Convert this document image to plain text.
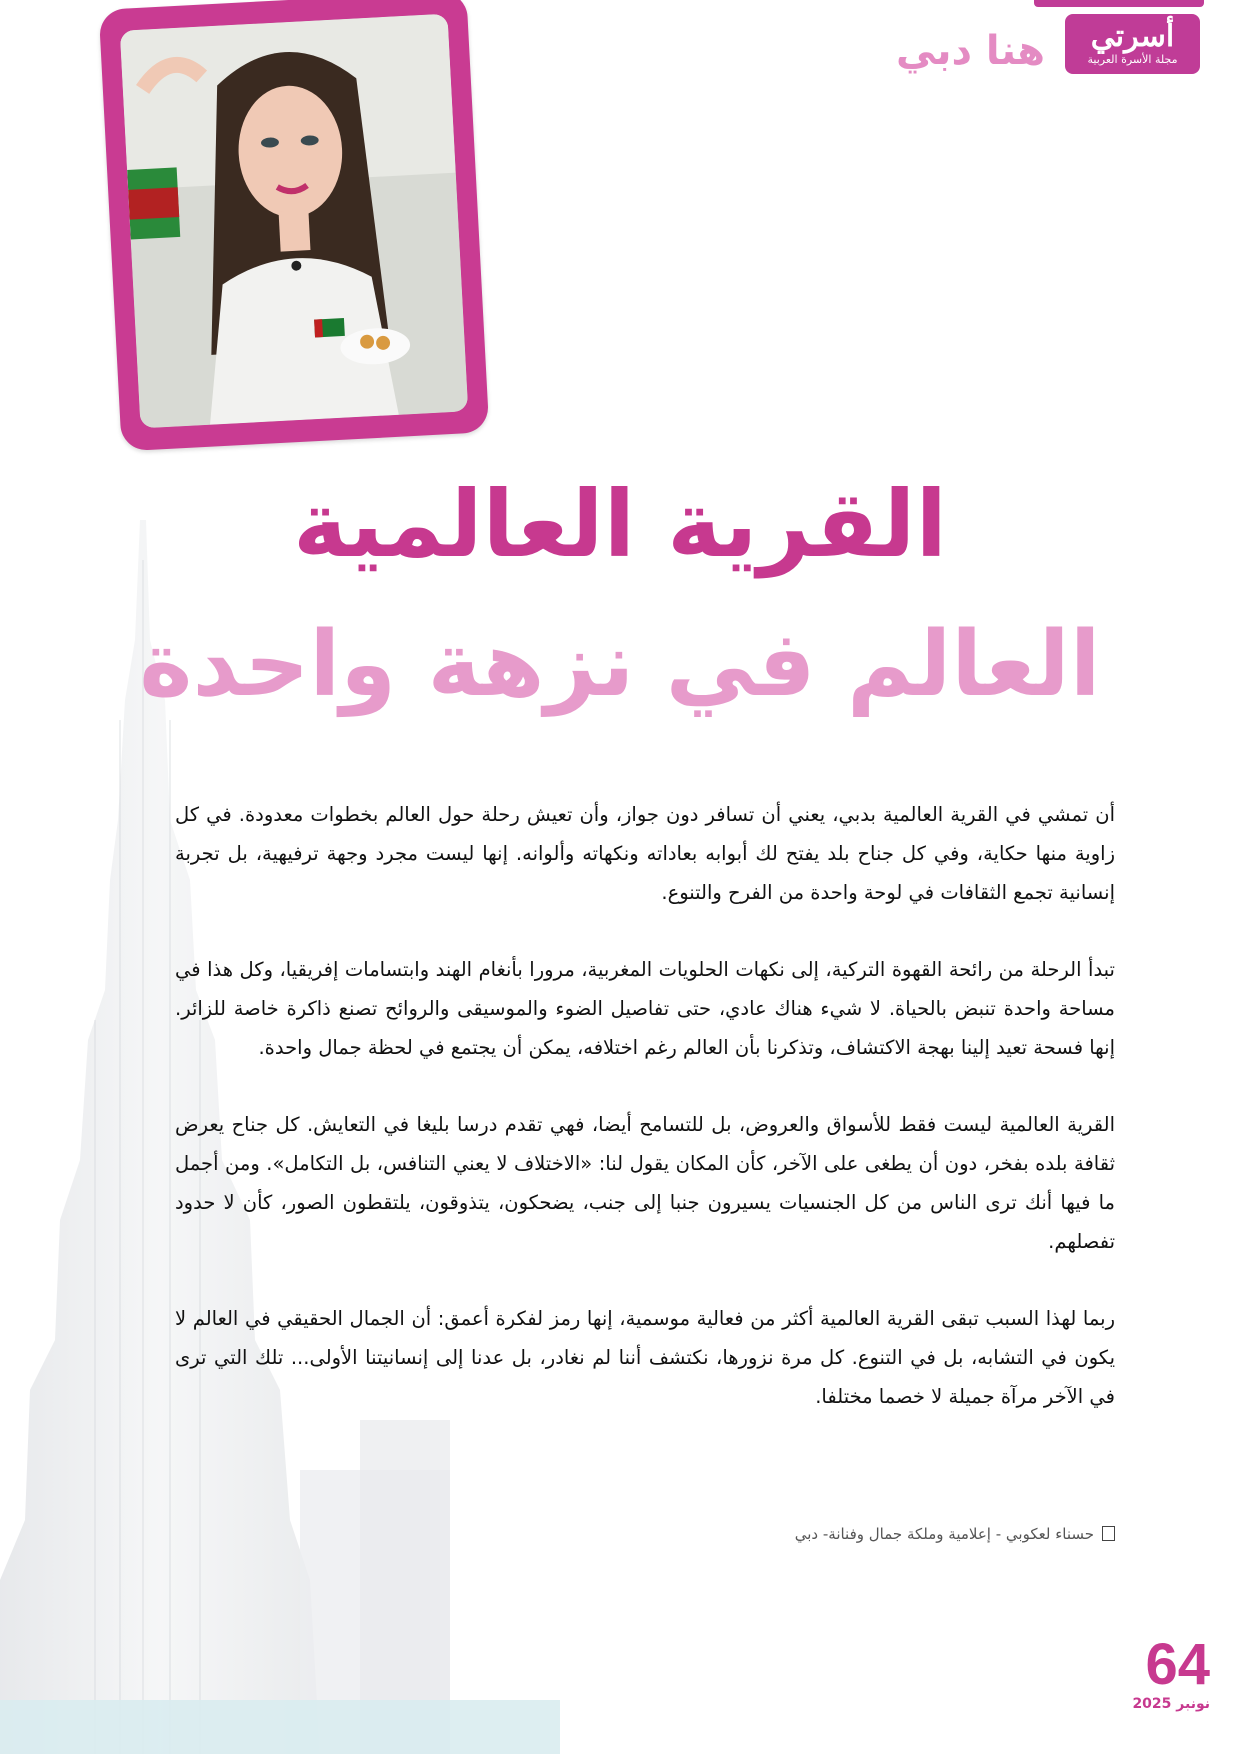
أسرتي
مجلة الأسرة العربية
هنا دبي
القرية العالمية
العالم في نزهة واحدة

أن تمشي في القرية العالمية بدبي، يعني أن تسافر دون جواز، وأن تعيش رحلة حول العالم بخطوات معدودة. في كل زاوية منها حكاية، وفي كل جناح بلد يفتح لك أبوابه بعاداته ونكهاته وألوانه. إنها ليست مجرد وجهة ترفيهية، بل تجربة إنسانية تجمع الثقافات في لوحة واحدة من الفرح والتنوع.

تبدأ الرحلة من رائحة القهوة التركية، إلى نكهات الحلويات المغربية، مرورا بأنغام الهند وابتسامات إفريقيا، وكل هذا في مساحة واحدة تنبض بالحياة. لا شيء هناك عادي، حتى تفاصيل الضوء والموسيقى والروائح تصنع ذاكرة خاصة للزائر. إنها فسحة تعيد إلينا بهجة الاكتشاف، وتذكرنا بأن العالم رغم اختلافه، يمكن أن يجتمع في لحظة جمال واحدة.

القرية العالمية ليست فقط للأسواق والعروض، بل للتسامح أيضا، فهي تقدم درسا بليغا في التعايش. كل جناح يعرض ثقافة بلده بفخر، دون أن يطغى على الآخر، كأن المكان يقول لنا: «الاختلاف لا يعني التنافس، بل التكامل». ومن أجمل ما فيها أنك ترى الناس من كل الجنسيات يسيرون جنبا إلى جنب، يضحكون، يتذوقون، يلتقطون الصور، كأن لا حدود تفصلهم.

ربما لهذا السبب تبقى القرية العالمية أكثر من فعالية موسمية، إنها رمز لفكرة أعمق: أن الجمال الحقيقي في العالم لا يكون في التشابه، بل في التنوع. كل مرة نزورها، نكتشف أننا لم نغادر، بل عدنا إلى إنسانيتنا الأولى... تلك التي ترى في الآخر مرآة جميلة لا خصما مختلفا.

حسناء لعكوبي - إعلامية وملكة جمال وفنانة- دبي
64
نونبر 2025
